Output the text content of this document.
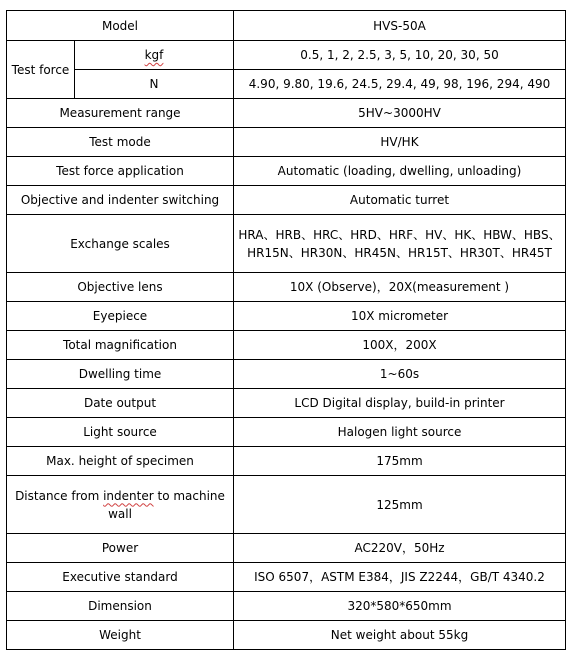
Model		HVS-50A
Test force	kgf	0.5, 1, 2, 2.5, 3, 5, 10, 20, 30, 50
	N	4.90, 9.80, 19.6, 24.5, 29.4, 49, 98, 196, 294, 490
Measurement range		5HV~3000HV
Test mode		HV/HK
Test force application		Automatic (loading, dwelling, unloading)
Objective and indenter switching		Automatic turret
Exchange scales		HRA、HRB、HRC、HRD、HRF、HV、HK、HBW、HBS、
HR15N、HR30N、HR45N、HR15T、HR30T、HR45T

Objective lens		10X (Observe)，20X(measurement )
Eyepiece		10X micrometer
Total magnification		100X，200X
Dwelling time		1~60s
Date output		LCD Digital display, build-in printer
Light source		Halogen light source
Max. height of specimen		175mm

Distance from indenter to machine
wall		125mm
Power		AC220V，50Hz
Executive standard		ISO 6507，ASTM E384，JIS Z2244，GB/T 4340.2
Dimension		320*580*650mm
Weight		Net weight about 55kg
